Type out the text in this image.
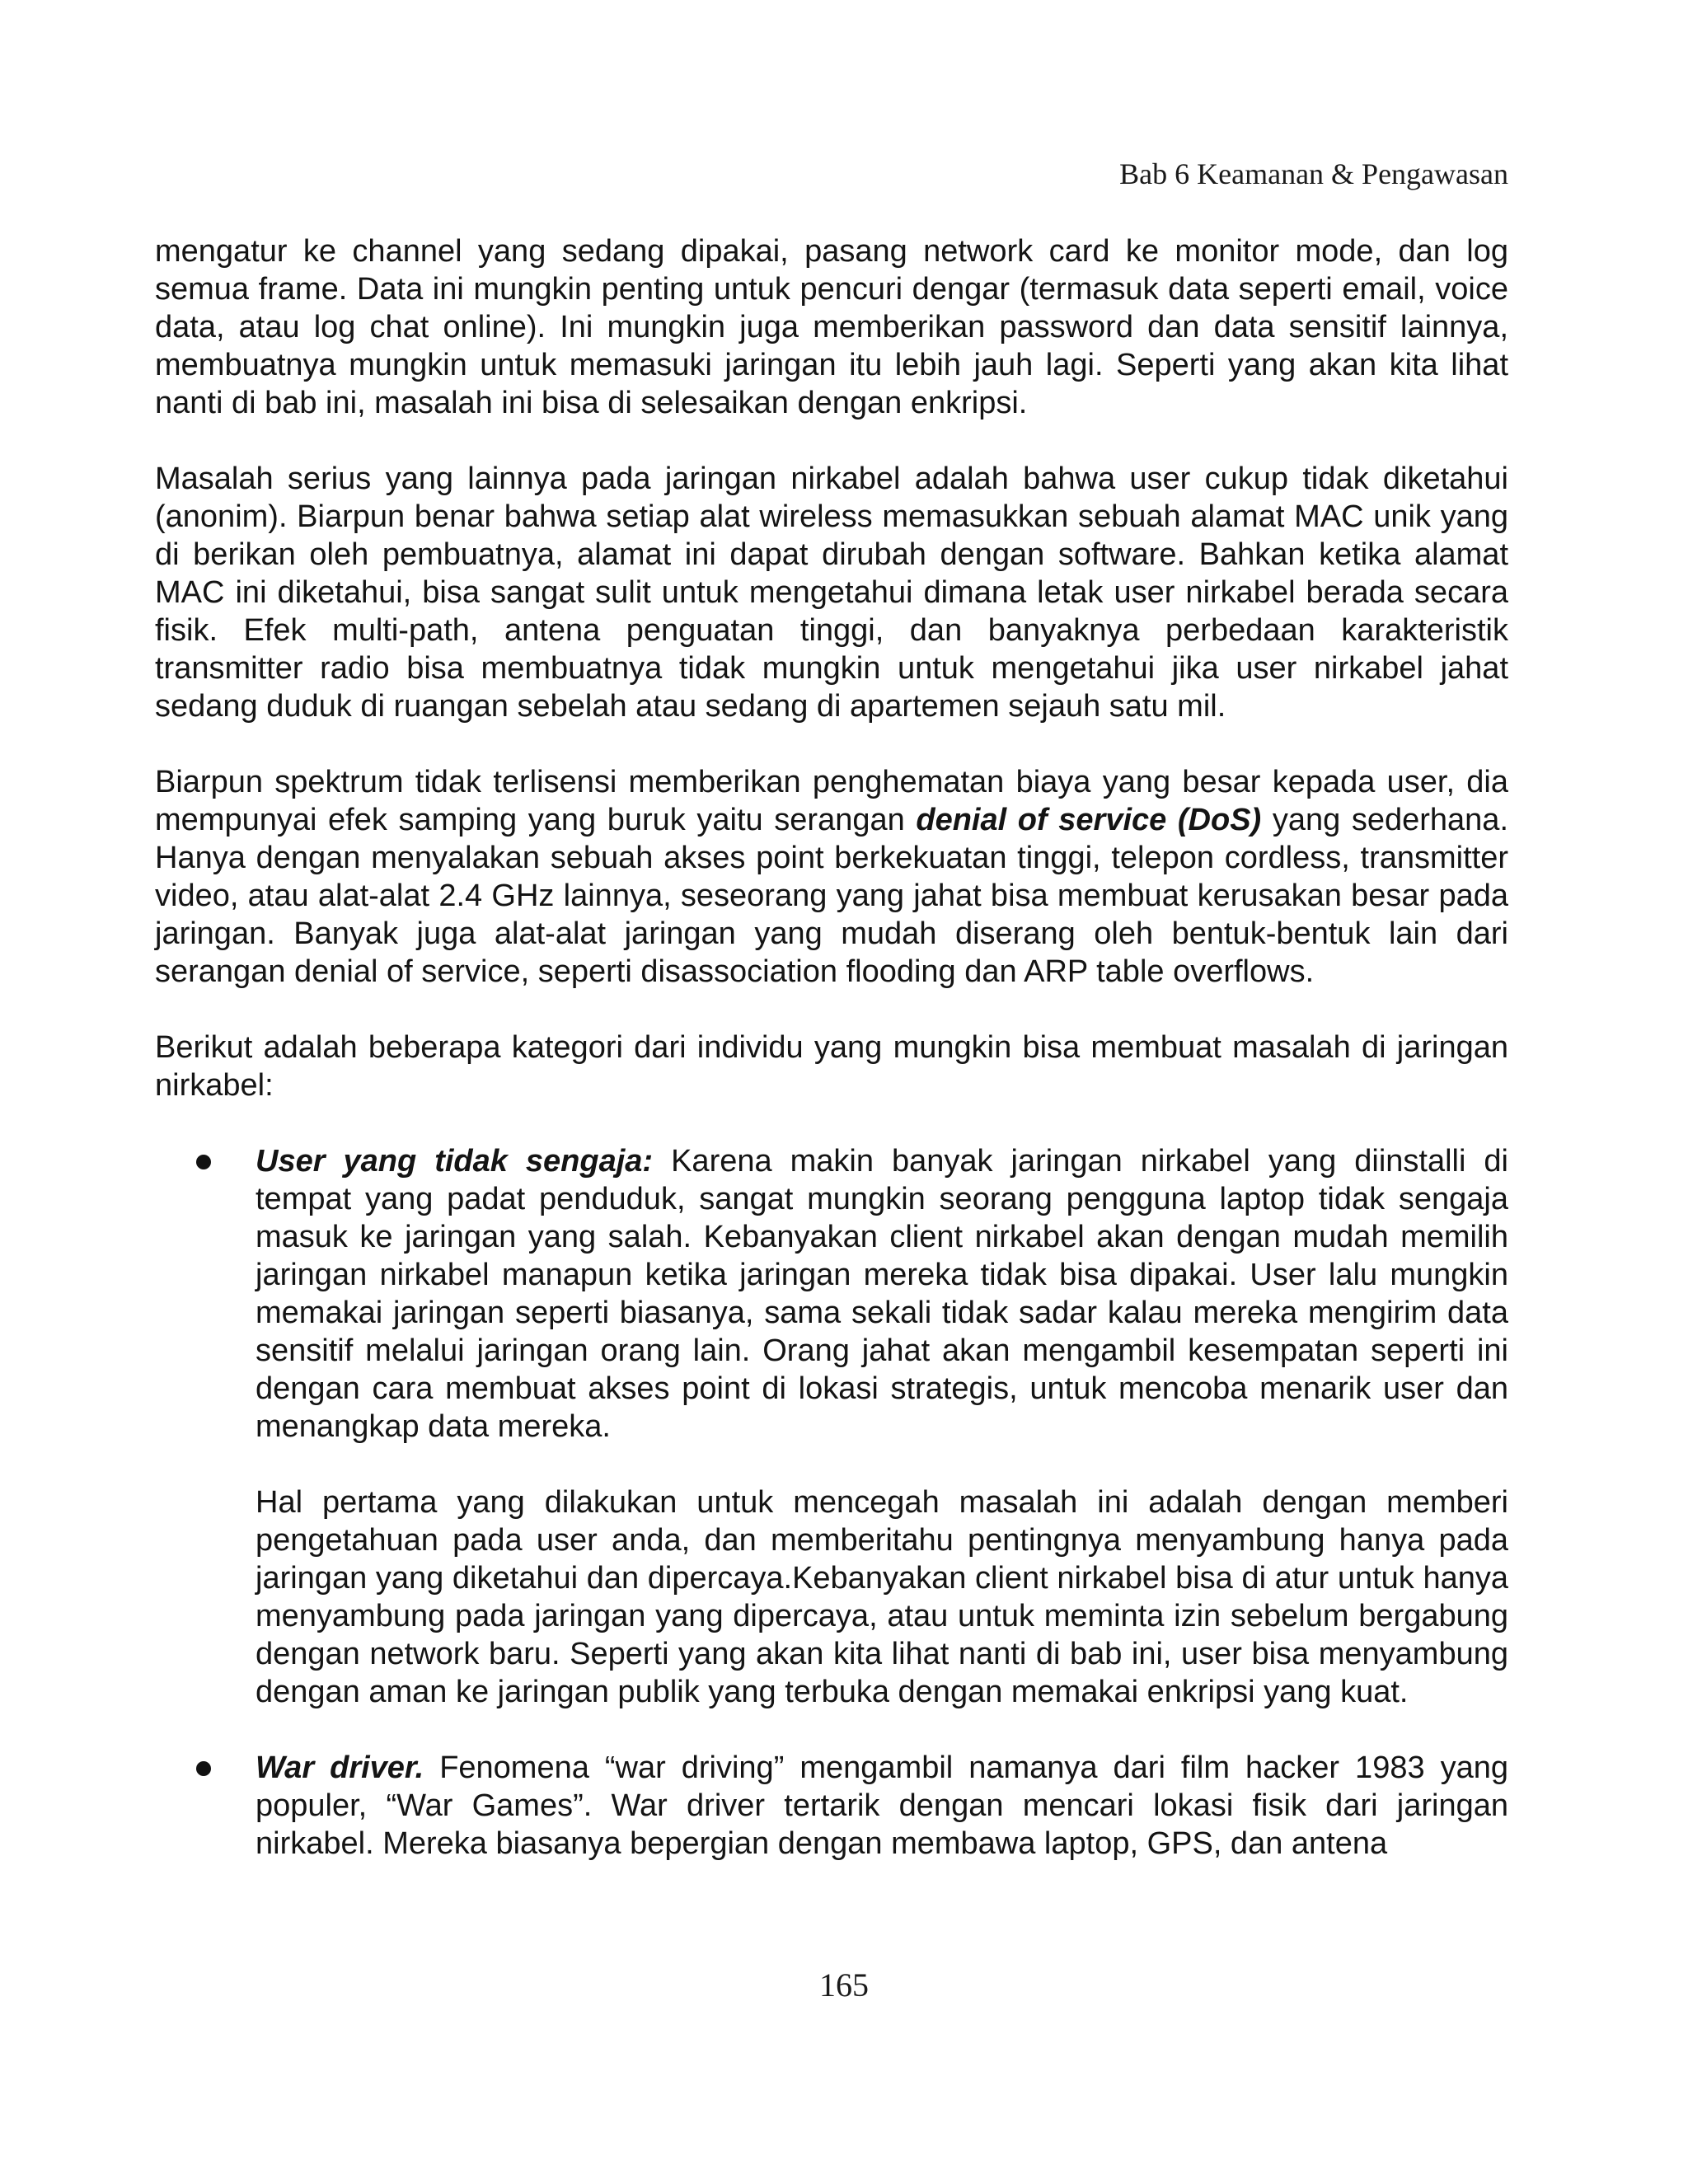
Bab 6 Keamanan & Pengawasan

mengatur ke channel yang sedang dipakai, pasang network card ke monitor mode, dan log semua frame. Data ini mungkin penting untuk pencuri dengar (termasuk data seperti email, voice data, atau log chat online). Ini mungkin juga memberikan password dan data sensitif lainnya, membuatnya mungkin untuk memasuki jaringan itu lebih jauh lagi. Seperti yang akan kita lihat nanti di bab ini, masalah ini bisa di selesaikan dengan enkripsi.

Masalah serius yang lainnya pada jaringan nirkabel adalah bahwa user cukup tidak diketahui (anonim). Biarpun benar bahwa setiap alat wireless memasukkan sebuah alamat MAC unik yang di berikan oleh pembuatnya, alamat ini dapat dirubah dengan software. Bahkan ketika alamat MAC ini diketahui, bisa sangat sulit untuk mengetahui dimana letak user nirkabel berada secara fisik. Efek multi-path, antena penguatan tinggi, dan banyaknya perbedaan karakteristik transmitter radio bisa membuatnya tidak mungkin untuk mengetahui jika user nirkabel jahat sedang duduk di ruangan sebelah atau sedang di apartemen sejauh satu mil.

Biarpun spektrum tidak terlisensi memberikan penghematan biaya yang besar kepada user, dia mempunyai efek samping yang buruk yaitu serangan denial of service (DoS) yang sederhana. Hanya dengan menyalakan sebuah akses point berkekuatan tinggi, telepon cordless, transmitter video, atau alat-alat 2.4 GHz lainnya, seseorang yang jahat bisa membuat kerusakan besar pada jaringan. Banyak juga alat-alat jaringan yang mudah diserang oleh bentuk-bentuk lain dari serangan denial of service, seperti disassociation flooding dan ARP table overflows.

Berikut adalah beberapa kategori dari individu yang mungkin bisa membuat masalah di jaringan nirkabel:

User yang tidak sengaja: Karena makin banyak jaringan nirkabel yang diinstalli di tempat yang padat penduduk, sangat mungkin seorang pengguna laptop tidak sengaja masuk ke jaringan yang salah. Kebanyakan client nirkabel akan dengan mudah memilih jaringan nirkabel manapun ketika jaringan mereka tidak bisa dipakai. User lalu mungkin memakai jaringan seperti biasanya, sama sekali tidak sadar kalau mereka mengirim data sensitif melalui jaringan orang lain. Orang jahat akan mengambil kesempatan seperti ini dengan cara membuat akses point di lokasi strategis, untuk mencoba menarik user dan menangkap data mereka.

Hal pertama yang dilakukan untuk mencegah masalah ini adalah dengan memberi pengetahuan pada user anda, dan memberitahu pentingnya menyambung hanya pada jaringan yang diketahui dan dipercaya.Kebanyakan client nirkabel bisa di atur untuk hanya menyambung pada jaringan yang dipercaya, atau untuk meminta izin sebelum bergabung dengan network baru. Seperti yang akan kita lihat nanti di bab ini, user bisa menyambung dengan aman ke jaringan publik yang terbuka dengan memakai enkripsi yang kuat.

War driver. Fenomena “war driving” mengambil namanya dari film hacker 1983 yang populer, “War Games”. War driver tertarik dengan mencari lokasi fisik dari jaringan nirkabel. Mereka biasanya bepergian dengan membawa laptop, GPS, dan antena

165
